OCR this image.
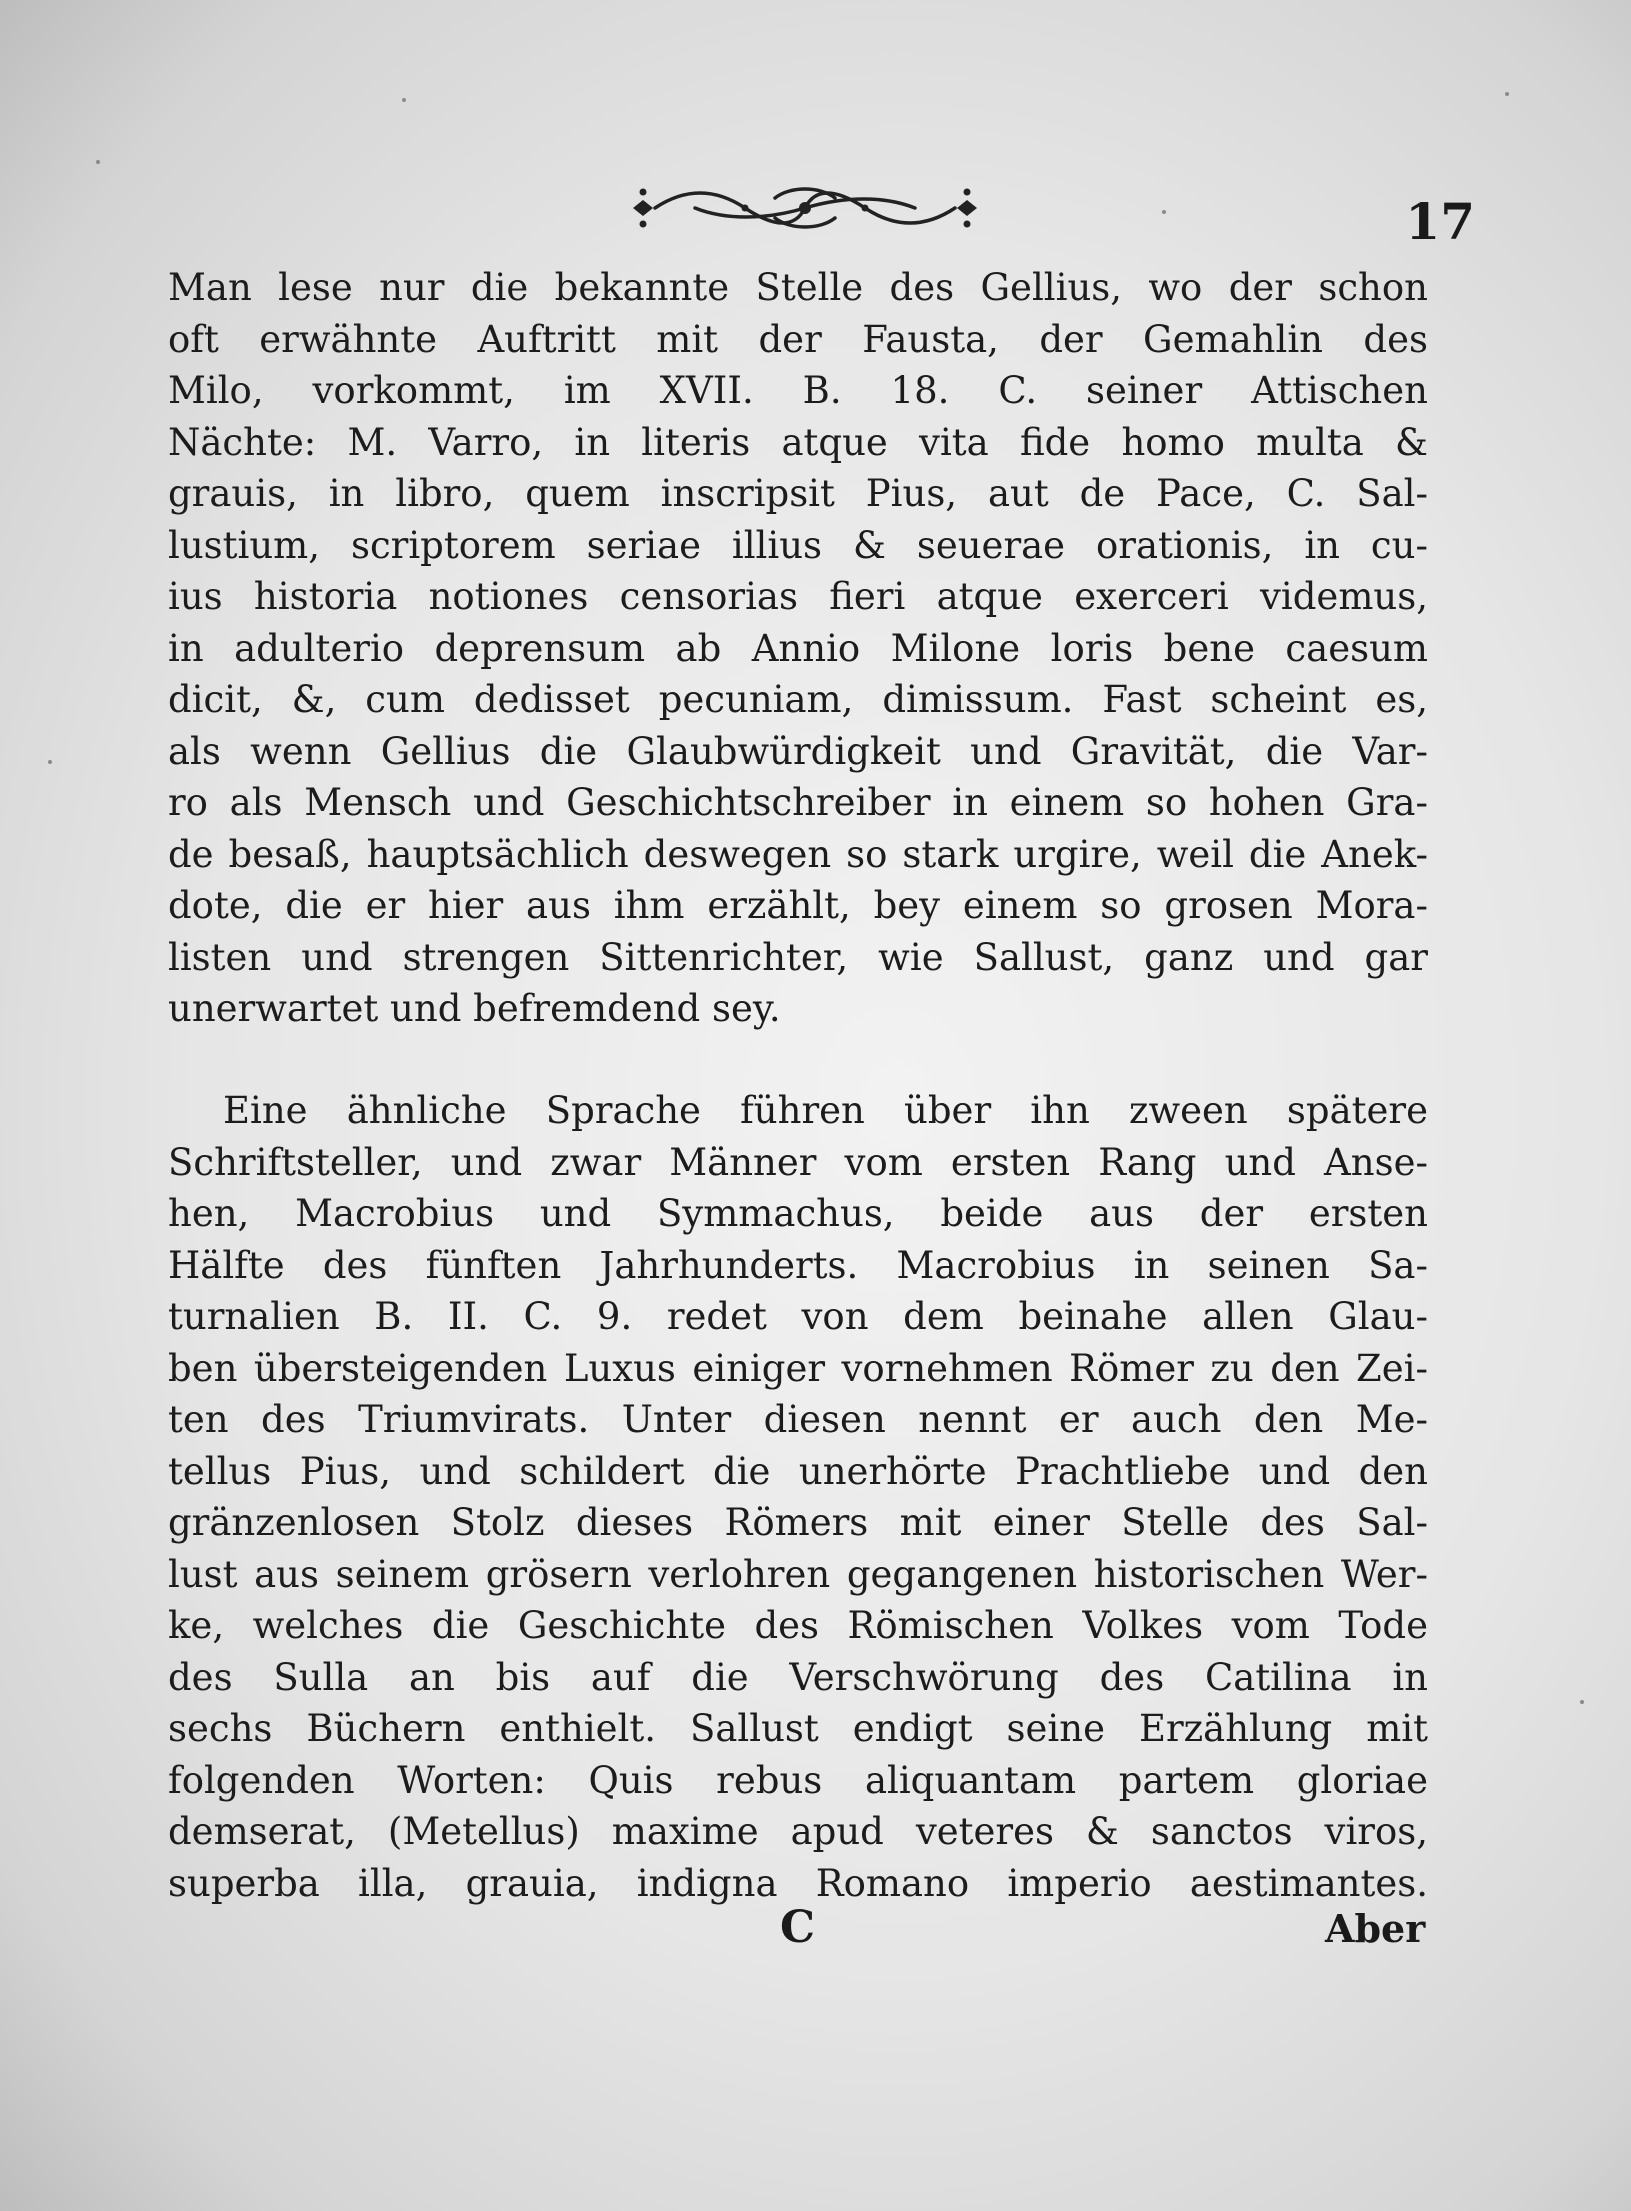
17
Man lese nur die bekannte Stelle des Gellius, wo der schon
oft erwähnte Auftritt mit der Fausta, der Gemahlin des
Milo, vorkommt, im XVII. B. 18. C. seiner Attischen
Nächte: M. Varro, in literis atque vita fide homo multa &
grauis, in libro, quem inscripsit Pius, aut de Pace, C. Sal-
lustium, scriptorem seriae illius & seuerae orationis, in cu-
ius historia notiones censorias fieri atque exerceri videmus,
in adulterio deprensum ab Annio Milone loris bene caesum
dicit, &, cum dedisset pecuniam, dimissum. Fast scheint es,
als wenn Gellius die Glaubwürdigkeit und Gravität, die Var-
ro als Mensch und Geschichtschreiber in einem so hohen Gra-
de besaß, hauptsächlich deswegen so stark urgire, weil die Anek-
dote, die er hier aus ihm erzählt, bey einem so grosen Mora-
listen und strengen Sittenrichter, wie Sallust, ganz und gar
unerwartet und befremdend sey.
Eine ähnliche Sprache führen über ihn zween spätere
Schriftsteller, und zwar Männer vom ersten Rang und Anse-
hen, Macrobius und Symmachus, beide aus der ersten
Hälfte des fünften Jahrhunderts. Macrobius in seinen Sa-
turnalien B. II. C. 9. redet von dem beinahe allen Glau-
ben übersteigenden Luxus einiger vornehmen Römer zu den Zei-
ten des Triumvirats. Unter diesen nennt er auch den Me-
tellus Pius, und schildert die unerhörte Prachtliebe und den
gränzenlosen Stolz dieses Römers mit einer Stelle des Sal-
lust aus seinem grösern verlohren gegangenen historischen Wer-
ke, welches die Geschichte des Römischen Volkes vom Tode
des Sulla an bis auf die Verschwörung des Catilina in
sechs Büchern enthielt. Sallust endigt seine Erzählung mit
folgenden Worten: Quis rebus aliquantam partem gloriae
demserat, (Metellus) maxime apud veteres & sanctos viros,
superba illa, grauia, indigna Romano imperio aestimantes.
C	Aber
